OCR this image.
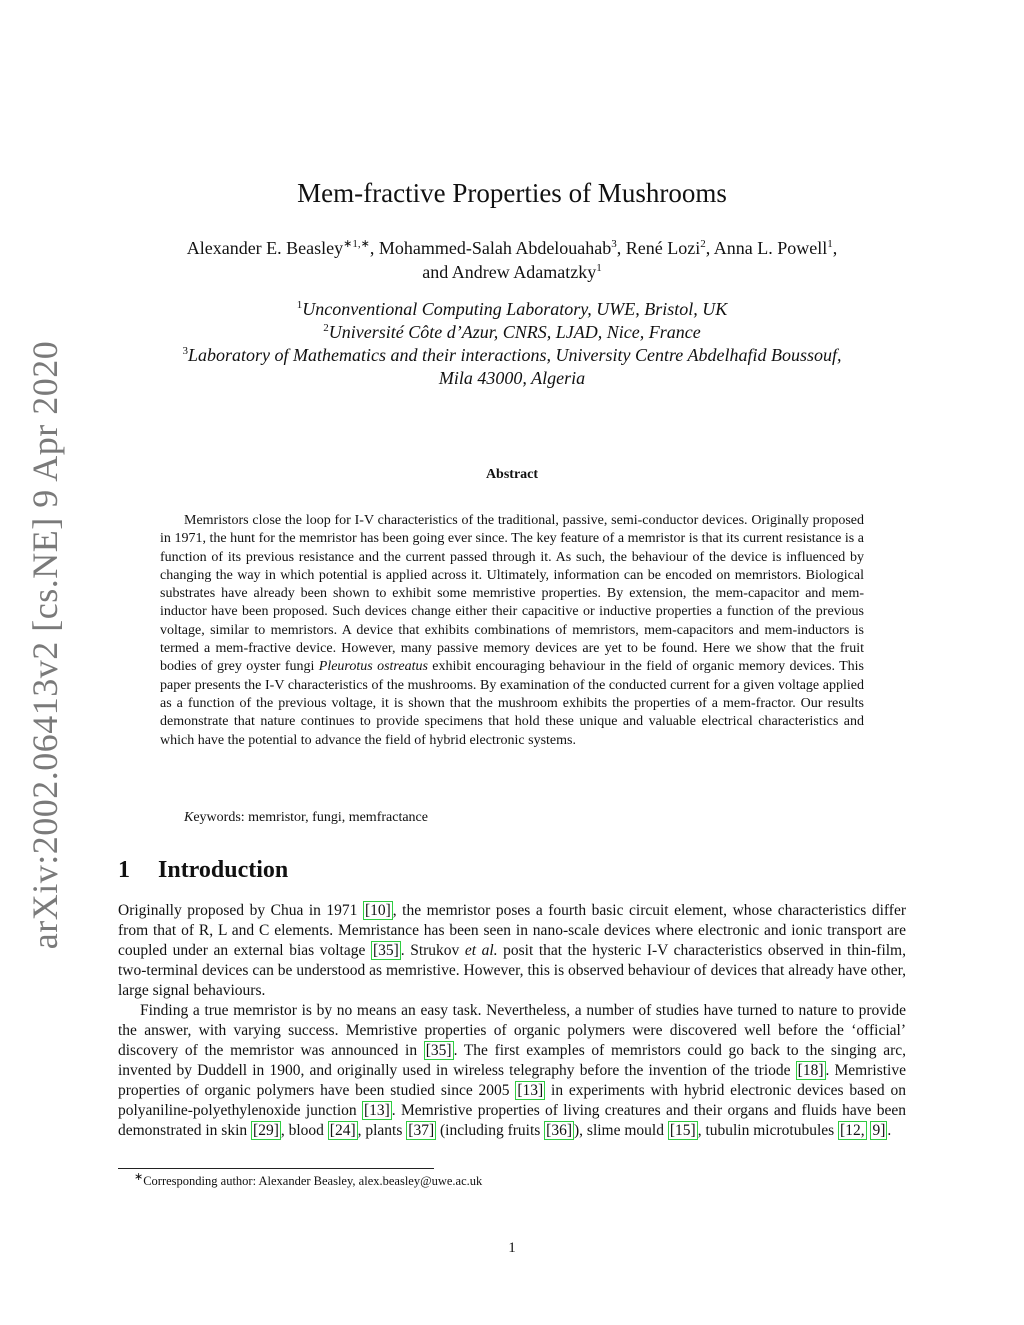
arXiv:2002.06413v2 [cs.NE] 9 Apr 2020
Mem-fractive Properties of Mushrooms
Alexander E. Beasley$^{∗1,∗}$, Mohammed-Salah Abdelouahab$^3$, René Lozi$^2$, Anna L. Powell$^1$,
and Andrew Adamatzky$^1$
$^1$Unconventional Computing Laboratory, UWE, Bristol, UK
$^2$Université Côte d’Azur, CNRS, LJAD, Nice, France
$^3$Laboratory of Mathematics and their interactions, University Centre Abdelhafid Boussouf,
Mila 43000, Algeria
Abstract
Memristors close the loop for I-V characteristics of the traditional, passive, semi-conductor devices. Originally proposed in 1971, the hunt for the memristor has been going ever since. The key feature of a memristor is that its current resistance is a function of its previous resistance and the current passed through it. As such, the behaviour of the device is influenced by changing the way in which potential is applied across it. Ultimately, information can be encoded on memristors. Biological substrates have already been shown to exhibit some memristive properties. By extension, the mem-capacitor and mem-inductor have been proposed. Such devices change either their capacitive or inductive properties a function of the previous voltage, similar to memristors. A device that exhibits combinations of memristors, mem-capacitors and mem-inductors is termed a mem-fractive device. However, many passive memory devices are yet to be found. Here we show that the fruit bodies of grey oyster fungi Pleurotus ostreatus exhibit encouraging behaviour in the field of organic memory devices. This paper presents the I-V characteristics of the mushrooms. By examination of the conducted current for a given voltage applied as a function of the previous voltage, it is shown that the mushroom exhibits the properties of a mem-fractor. Our results demonstrate that nature continues to provide specimens that hold these unique and valuable electrical characteristics and which have the potential to advance the field of hybrid electronic systems.
Keywords: memristor, fungi, memfractance
1 Introduction
Originally proposed by Chua in 1971 [10] , the memristor poses a fourth basic circuit element, whose characteristics differ from that of R, L and C elements. Memristance has been seen in nano-scale devices where electronic and ionic transport are coupled under an external bias voltage [35] . Strukov et al. posit that the hysteric I-V characteristics observed in thin-film, two-terminal devices can be understood as memristive. However, this is observed behaviour of devices that already have other, large signal behaviours.
Finding a true memristor is by no means an easy task. Nevertheless, a number of studies have turned to nature to provide the answer, with varying success. Memristive properties of organic polymers were discovered well before the ‘official’ discovery of the memristor was announced in [35] . The first examples of memristors could go back to the singing arc, invented by Duddell in 1900, and originally used in wireless telegraphy before the invention of the triode [18] . Memristive properties of organic polymers have been studied since 2005 [13] in experiments with hybrid electronic devices based on polyaniline-polyethylenoxide junction [13] . Memristive properties of living creatures and their organs and fluids have been demonstrated in skin [29] , blood [24] , plants [37] (including fruits [36] ), slime mould [15] , tubulin microtubules [12, 9] .
∗Corresponding author: Alexander Beasley, alex.beasley@uwe.ac.uk
1
